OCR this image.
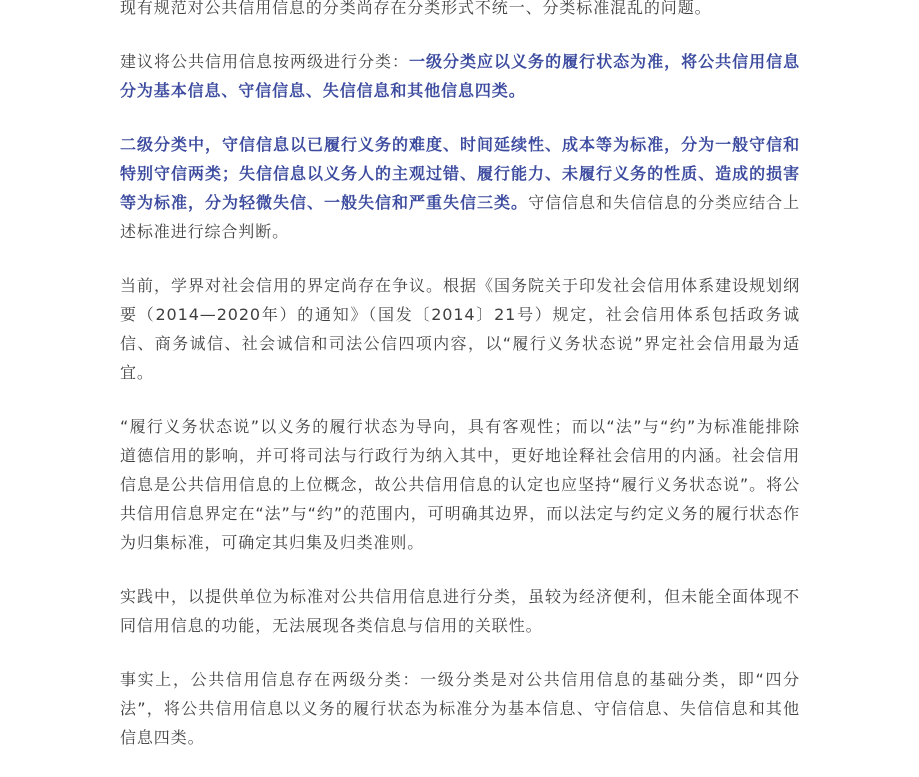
现有规范对公共信用信息的分类尚存在分类形式不统一、分类标准混乱的问题。

建议将公共信用信息按两级进行分类：一级分类应以义务的履行状态为准，将公共信用信息分为基本信息、守信信息、失信信息和其他信息四类。

二级分类中，守信信息以已履行义务的难度、时间延续性、成本等为标准，分为一般守信和特别守信两类；失信信息以义务人的主观过错、履行能力、未履行义务的性质、造成的损害等为标准，分为轻微失信、一般失信和严重失信三类。守信信息和失信信息的分类应结合上述标准进行综合判断。

当前，学界对社会信用的界定尚存在争议。根据《国务院关于印发社会信用体系建设规划纲要（2014—2020年）的通知》（国发〔2014〕21号）规定，社会信用体系包括政务诚信、商务诚信、社会诚信和司法公信四项内容，以“履行义务状态说”界定社会信用最为适宜。

“履行义务状态说”以义务的履行状态为导向，具有客观性；而以“法”与“约”为标准能排除道德信用的影响，并可将司法与行政行为纳入其中，更好地诠释社会信用的内涵。社会信用信息是公共信用信息的上位概念，故公共信用信息的认定也应坚持“履行义务状态说”。将公共信用信息界定在“法”与“约”的范围内，可明确其边界，而以法定与约定义务的履行状态作为归集标准，可确定其归集及归类准则。

实践中，以提供单位为标准对公共信用信息进行分类，虽较为经济便利，但未能全面体现不同信用信息的功能，无法展现各类信息与信用的关联性。

事实上，公共信用信息存在两级分类：一级分类是对公共信用信息的基础分类，即“四分法”，将公共信用信息以义务的履行状态为标准分为基本信息、守信信息、失信信息和其他信息四类。
